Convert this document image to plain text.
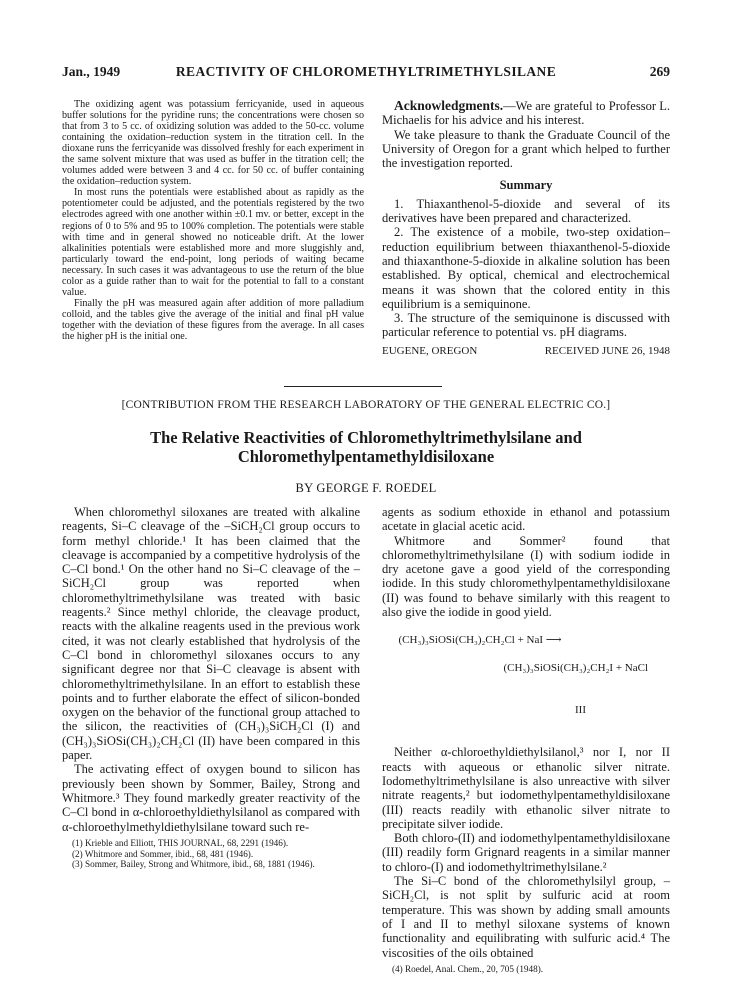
REACTIVITY OF CHLOROMETHYLTRIMETHYLSILANE
Jan., 1949	269

The oxidizing agent was potassium ferricyanide, used in aqueous buffer solutions for the pyridine runs; the concentrations were chosen so that from 3 to 5 cc. of oxidizing solution was added to the 50-cc. volume containing the oxidation–reduction system in the titration cell. In the dioxane runs the ferricyanide was dissolved freshly for each experiment in the same solvent mixture that was used as buffer in the titration cell; the volumes added were between 3 and 4 cc. for 50 cc. of buffer containing the oxidation–reduction system.

In most runs the potentials were established about as rapidly as the potentiometer could be adjusted, and the potentials registered by the two electrodes agreed with one another within ±0.1 mv. or better, except in the regions of 0 to 5% and 95 to 100% completion. The potentials were stable with time and in general showed no noticeable drift. At the lower alkalinities potentials were established more and more sluggishly and, particularly toward the end-point, long periods of waiting became necessary. In such cases it was advantageous to use the return of the blue color as a guide rather than to wait for the potential to fall to a constant value.

Finally the pH was measured again after addition of more palladium colloid, and the tables give the average of the initial and final pH value together with the deviation of these figures from the average. In all cases the higher pH is the initial one.

Acknowledgments.—We are grateful to Professor L. Michaelis for his advice and his interest.

We take pleasure to thank the Graduate Council of the University of Oregon for a grant which helped to further the investigation reported.

Summary

1. Thiaxanthenol-5-dioxide and several of its derivatives have been prepared and characterized.

2. The existence of a mobile, two-step oxidation–reduction equilibrium between thiaxanthenol-5-dioxide and thiaxanthone-5-dioxide in alkaline solution has been established. By optical, chemical and electrochemical means it was shown that the colored entity in this equilibrium is a semiquinone.

3. The structure of the semiquinone is discussed with particular reference to potential vs. pH diagrams.

EUGENE, OREGON	RECEIVED JUNE 26, 1948
[CONTRIBUTION FROM THE RESEARCH LABORATORY OF THE GENERAL ELECTRIC CO.]
The Relative Reactivities of Chloromethyltrimethylsilane and
Chloromethylpentamethyldisiloxane
BY GEORGE F. ROEDEL

When chloromethyl siloxanes are treated with alkaline reagents, Si–C cleavage of the –SiCH₂Cl group occurs to form methyl chloride.¹ It has been claimed that the cleavage is accompanied by a competitive hydrolysis of the C–Cl bond.¹ On the other hand no Si–C cleavage of the –SiCH₂Cl group was reported when chloromethyltrimethylsilane was treated with basic reagents.² Since methyl chloride, the cleavage product, reacts with the alkaline reagents used in the previous work cited, it was not clearly established that hydrolysis of the C–Cl bond in chloromethyl siloxanes occurs to any significant degree nor that Si–C cleavage is absent with chloromethyltrimethylsilane. In an effort to establish these points and to further elaborate the effect of silicon-bonded oxygen on the behavior of the functional group attached to the silicon, the reactivities of (CH₃)₃SiCH₂Cl (I) and (CH₃)₃SiOSi(CH₃)₂CH₂Cl (II) have been compared in this paper.

The activating effect of oxygen bound to silicon has previously been shown by Sommer, Bailey, Strong and Whitmore.³ They found markedly greater reactivity of the C–Cl bond in α-chloroethyldiethylsilanol as compared with α-chloroethylmethyldiethylsilane toward such re-

(1) Krieble and Elliott, THIS JOURNAL, 68, 2291 (1946).
(2) Whitmore and Sommer, ibid., 68, 481 (1946).
(3) Sommer, Bailey, Strong and Whitmore, ibid., 68, 1881 (1946).

agents as sodium ethoxide in ethanol and potassium acetate in glacial acetic acid.

Whitmore and Sommer² found that chloromethyltrimethylsilane (I) with sodium iodide in dry acetone gave a good yield of the corresponding iodide. In this study chloromethylpentamethyldisiloxane (II) was found to behave similarly with this reagent to also give the iodide in good yield.

(CH₃)₃SiOSi(CH₃)₂CH₂Cl + NaI ⟶

(CH₃)₃SiOSi(CH₃)₂CH₂I + NaCl

III

Neither α-chloroethyldiethylsilanol,³ nor I, nor II reacts with aqueous or ethanolic silver nitrate. Iodomethyltrimethylsilane is also unreactive with silver nitrate reagents,² but iodomethylpentamethyldisiloxane (III) reacts readily with ethanolic silver nitrate to precipitate silver iodide.

Both chloro-(II) and iodomethylpentamethyldisiloxane (III) readily form Grignard reagents in a similar manner to chloro-(I) and iodomethyltrimethylsilane.²

The Si–C bond of the chloromethylsilyl group, –SiCH₂Cl, is not split by sulfuric acid at room temperature. This was shown by adding small amounts of I and II to methyl siloxane systems of known functionality and equilibrating with sulfuric acid.⁴ The viscosities of the oils obtained

(4) Roedel, Anal. Chem., 20, 705 (1948).
